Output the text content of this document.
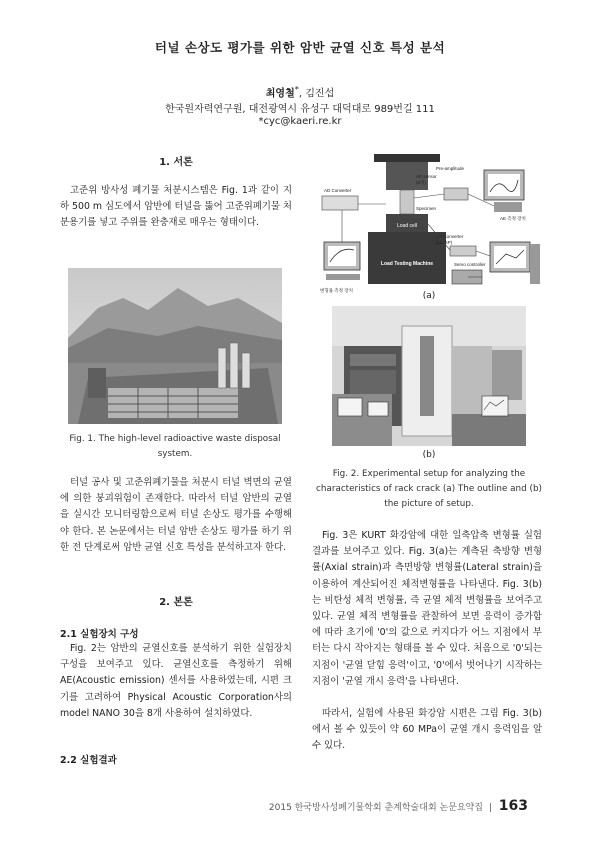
터널 손상도 평가를 위한 암반 균열 신호 특성 분석
최영철*, 김진섭
한국원자력연구원, 대전광역시 유성구 대덕대로 989번길 111
*cyc@kaeri.re.kr
1. 서론
고준위 방사성 폐기물 처분시스템은 Fig. 1과 같이 지하 500 m 심도에서 암반에 터널을 뚫어 고준위폐기물 처분용기를 넣고 주위를 완충재로 매우는 형태이다.
Fig. 1. The high-level radioactive waste disposal system.
터널 공사 및 고준위폐기물을 처분시 터널 벽면의 균열에 의한 붕괴위험이 존재한다. 따라서 터널 암반의 균열을 실시간 모니터링함으로써 터널 손상도 평가를 수행해야 한다. 본 논문에서는 터널 암반 손상도 평가를 하기 위한 전 단계로써 암반 균열 신호 특성을 분석하고자 한다.
2. 본론
2.1 실험장치 구성
Fig. 2는 암반의 균열신호를 분석하기 위한 실험장치 구성을 보여주고 있다. 균열신호를 측정하기 위해 AE(Acoustic emission) 센서를 사용하였는데, 시편 크기를 고려하여 Physical Acoustic Corporation사의 model NANO 30을 8개 사용하여 설치하였다.
2.2 실험결과
Load cell
Load Testing Machine
AD Converter
AE sensor
(8개)
Pre-amplitude
Specimen
AE 측정 장치
AD Converter
(µDISP)
Servo controller
변형률 측정 장치
(a)
(b)
Fig. 2. Experimental setup for analyzing the characteristics of rack crack (a) The outline and (b) the picture of setup.
Fig. 3은 KURT 화강암에 대한 일축압축 변형률 실험결과를 보여주고 있다. Fig. 3(a)는 계측된 축방향 변형률(Axial strain)과 측면방향 변형률(Lateral strain)을 이용하여 계산되어진 체적변형률을 나타낸다. Fig. 3(b)는 비탄성 체적 변형률, 즉 균열 체적 변형률을 보여주고 있다. 균열 체적 변형률을 관찰하여 보면 응력이 증가함에 따라 초기에 '0'의 값으로 커지다가 어느 지점에서 부터는 다시 작아지는 형태를 볼 수 있다. 처음으로 '0'되는 지점이 '균열 닫힘 응력'이고, '0'에서 벗어나기 시작하는 지점이 '균열 개시 응력'을 나타낸다.
따라서, 실험에 사용된 화강암 시편은 그림 Fig. 3(b)에서 볼 수 있듯이 약 60 MPa이 균열 개시 응력임을 알 수 있다.
2015 한국방사성폐기물학회 춘계학술대회 논문요약집 | 163
